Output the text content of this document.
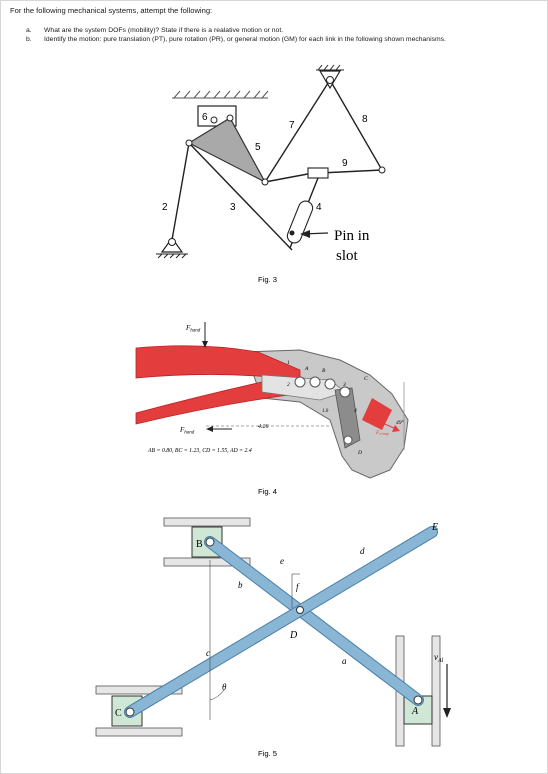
For the following mechanical systems, attempt the following:
a.	What are the system DOFs (mobility)? State if there is a realative motion or not.
b.	Identify the motion: pure translation (PT), pure rotation (PR), or general motion (GM) for each link in the following shown mechanisms.
6
2	3	4
5
7
8
9
Pin in
slot
Fig. 3
$F_{hand}$
$F_{hand}$	Fcrimp
4.26
49°
AB = 0.80, BC = 1.23, CD = 1.55, AD = 2.4
1
2	3
4
1.0
A B
C
D
Fig. 4
B
C
D
E
A
b
c
d
e
f
a
θ
$v_{Al}$
Fig. 5
